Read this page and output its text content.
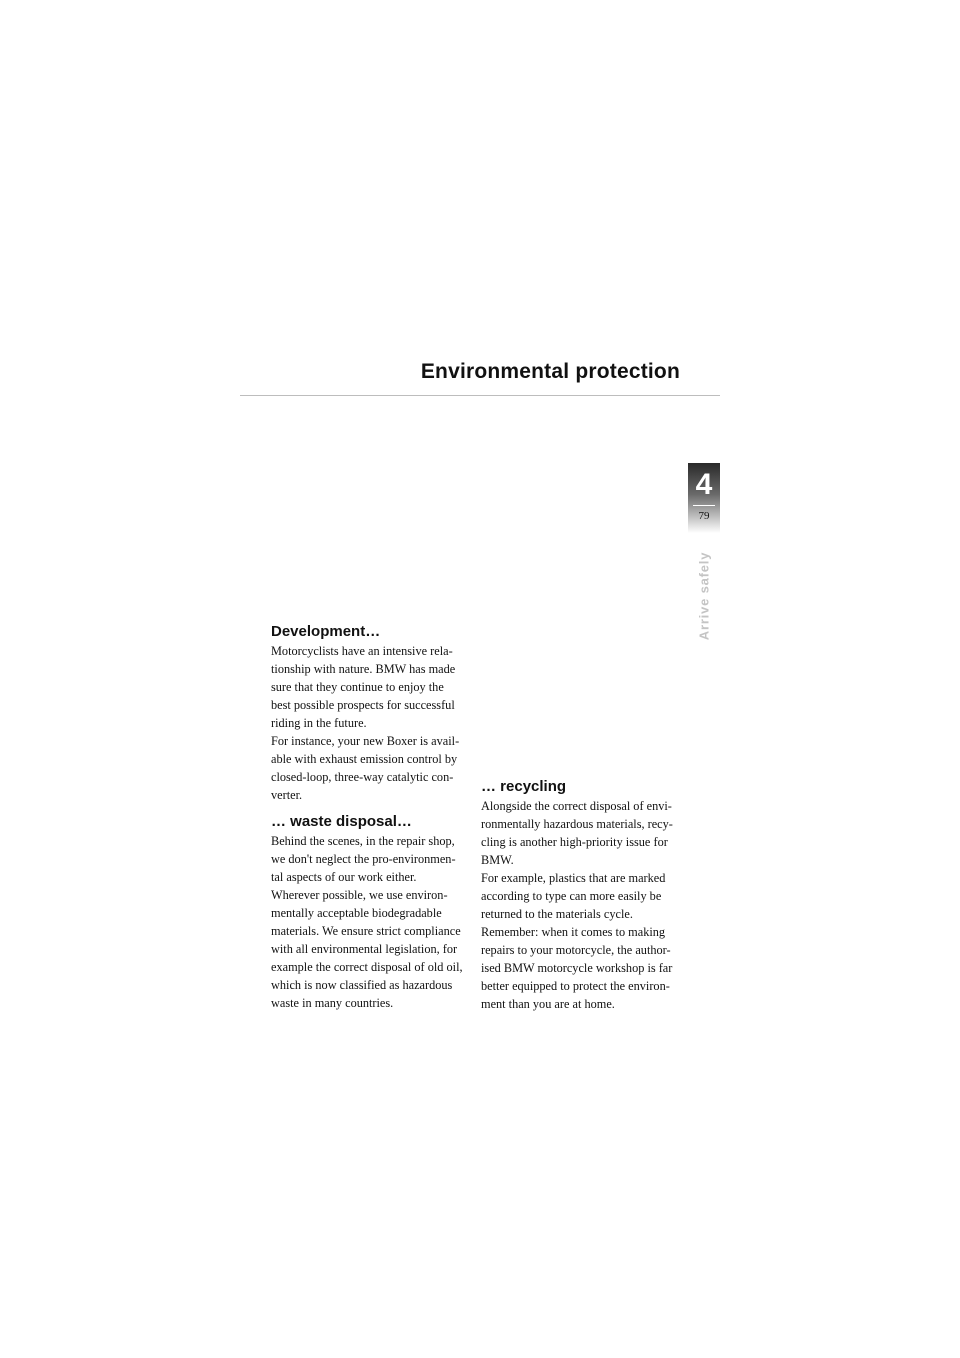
Environmental protection
4
79
Arrive safely
Development…

Motorcyclists have an intensive rela-

tionship with nature. BMW has made

sure that they continue to enjoy the

best possible prospects for successful

riding in the future.

For instance, your new Boxer is avail-

able with exhaust emission control by

closed-loop, three-way catalytic con-

verter.

… waste disposal…

Behind the scenes, in the repair shop,

we don't neglect the pro-environmen-

tal aspects of our work either.

Wherever possible, we use environ-

mentally acceptable biodegradable

materials. We ensure strict compliance

with all environmental legislation, for

example the correct disposal of old oil,

which is now classified as hazardous

waste in many countries.

… recycling

Alongside the correct disposal of envi-

ronmentally hazardous materials, recy-

cling is another high-priority issue for

BMW.

For example, plastics that are marked

according to type can more easily be

returned to the materials cycle.

Remember: when it comes to making

repairs to your motorcycle, the author-

ised BMW motorcycle workshop is far

better equipped to protect the environ-

ment than you are at home.
